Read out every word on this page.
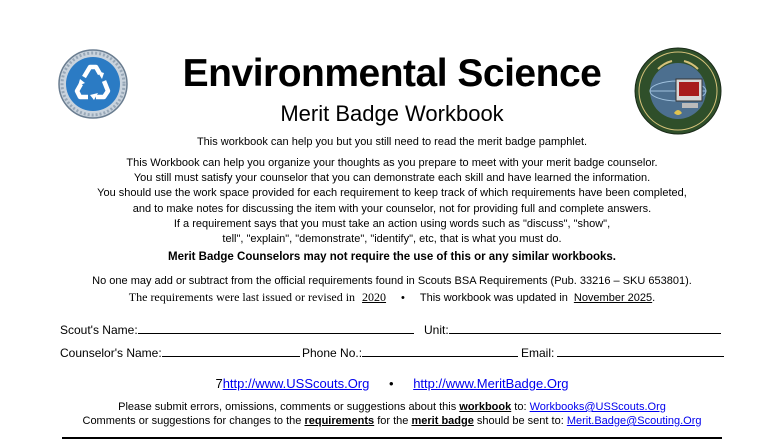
Environmental Science
Merit Badge Workbook
This workbook can help you but you still need to read the merit badge pamphlet.
This Workbook can help you organize your thoughts as you prepare to meet with your merit badge counselor.
You still must satisfy your counselor that you can demonstrate each skill and have learned the information.
You should use the work space provided for each requirement to keep track of which requirements have been completed,
and to make notes for discussing the item with your counselor, not for providing full and complete answers.
If a requirement says that you must take an action using words such as "discuss", "show",
tell", "explain", "demonstrate", "identify", etc, that is what you must do.
Merit Badge Counselors may not require the use of this or any similar workbooks.
No one may add or subtract from the official requirements found in Scouts BSA Requirements (Pub. 33216 – SKU 653801).
The requirements were last issued or revised in 2020 • This workbook was updated in November 2025.
Scout's Name:	Unit:
Counselor's Name:	Phone No.:	Email:
7http://www.USScouts.Org • http://www.MeritBadge.Org
Please submit errors, omissions, comments or suggestions about this workbook to: Workbooks@USScouts.Org
Comments or suggestions for changes to the requirements for the merit badge should be sent to: Merit.Badge@Scouting.Org
